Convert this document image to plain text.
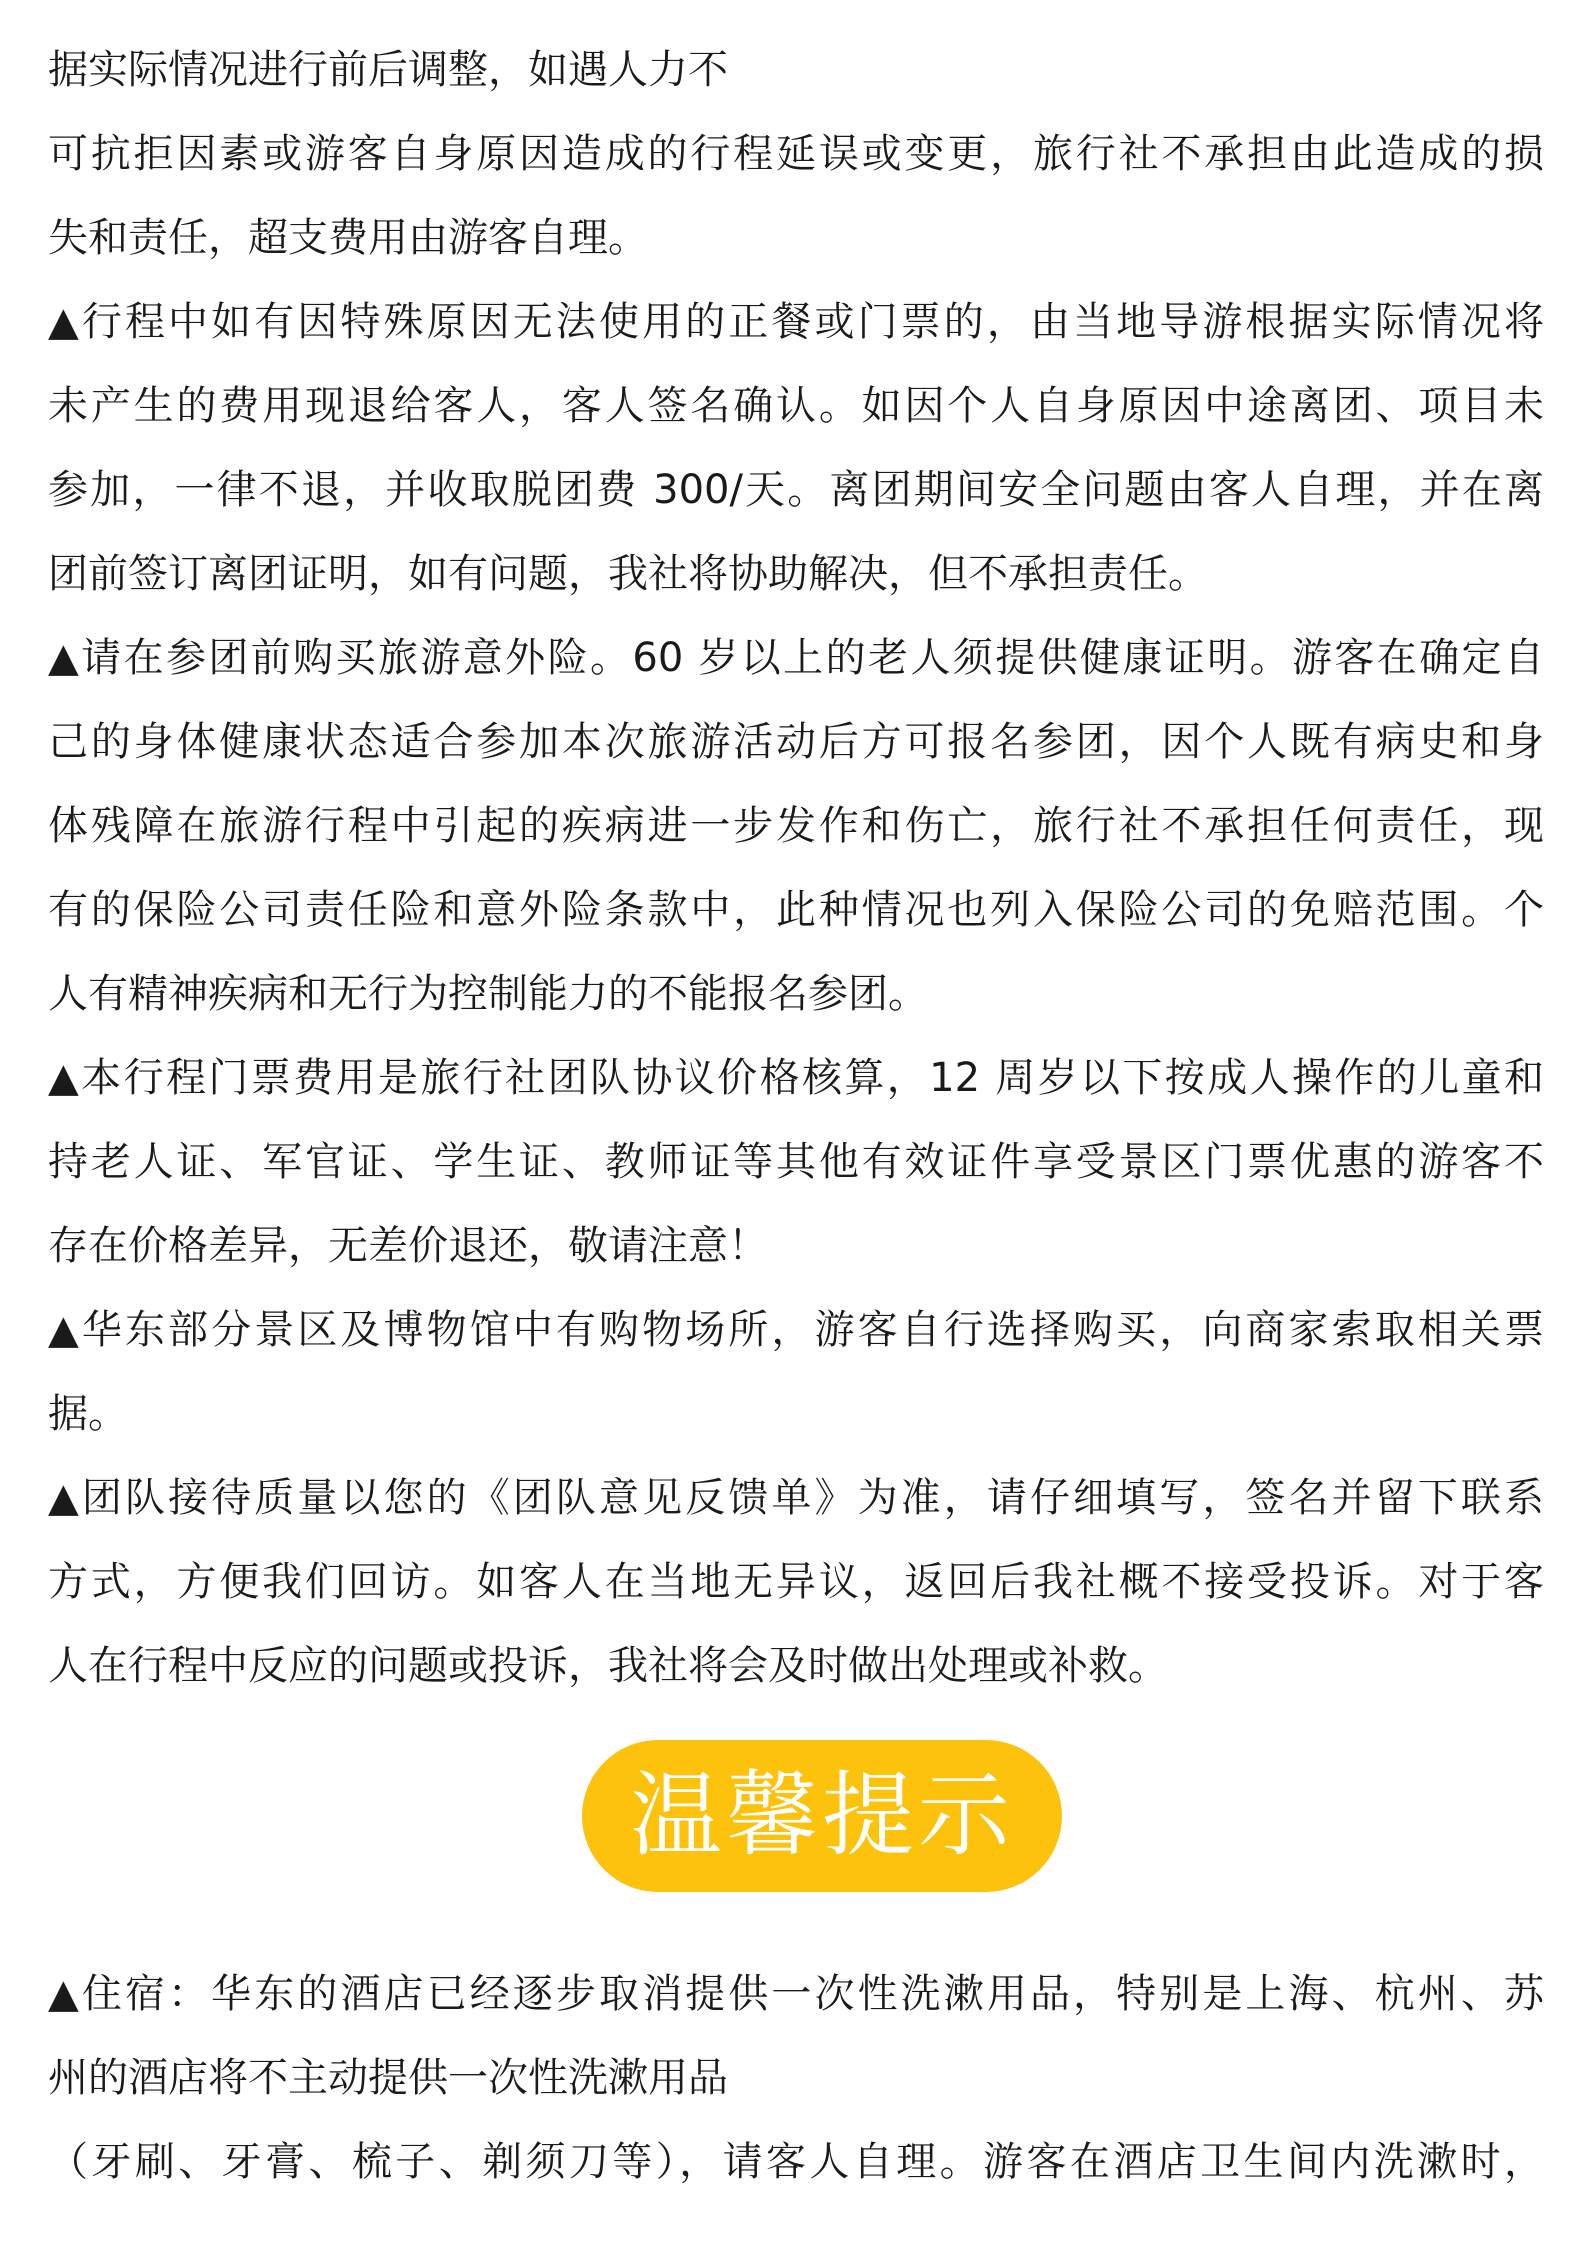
据实际情况进行前后调整，如遇人力不
可抗拒因素或游客自身原因造成的行程延误或变更，旅行社不承担由此造成的损
失和责任，超支费用由游客自理。
▲行程中如有因特殊原因无法使用的正餐或门票的，由当地导游根据实际情况将
未产生的费用现退给客人，客人签名确认。如因个人自身原因中途离团、项目未
参加，一律不退，并收取脱团费 300/天。离团期间安全问题由客人自理，并在离
团前签订离团证明，如有问题，我社将协助解决，但不承担责任。
▲请在参团前购买旅游意外险。60 岁以上的老人须提供健康证明。游客在确定自
己的身体健康状态适合参加本次旅游活动后方可报名参团，因个人既有病史和身
体残障在旅游行程中引起的疾病进一步发作和伤亡，旅行社不承担任何责任，现
有的保险公司责任险和意外险条款中，此种情况也列入保险公司的免赔范围。个
人有精神疾病和无行为控制能力的不能报名参团。
▲本行程门票费用是旅行社团队协议价格核算，12 周岁以下按成人操作的儿童和
持老人证、军官证、学生证、教师证等其他有效证件享受景区门票优惠的游客不
存在价格差异，无差价退还，敬请注意！
▲华东部分景区及博物馆中有购物场所，游客自行选择购买，向商家索取相关票
据。
▲团队接待质量以您的《团队意见反馈单》为准，请仔细填写，签名并留下联系
方式，方便我们回访。如客人在当地无异议，返回后我社概不接受投诉。对于客
人在行程中反应的问题或投诉，我社将会及时做出处理或补救。
温馨提示
▲住宿：华东的酒店已经逐步取消提供一次性洗漱用品，特别是上海、杭州、苏
州的酒店将不主动提供一次性洗漱用品
（牙刷、牙膏、梳子、剃须刀等），请客人自理。游客在酒店卫生间内洗漱时，
